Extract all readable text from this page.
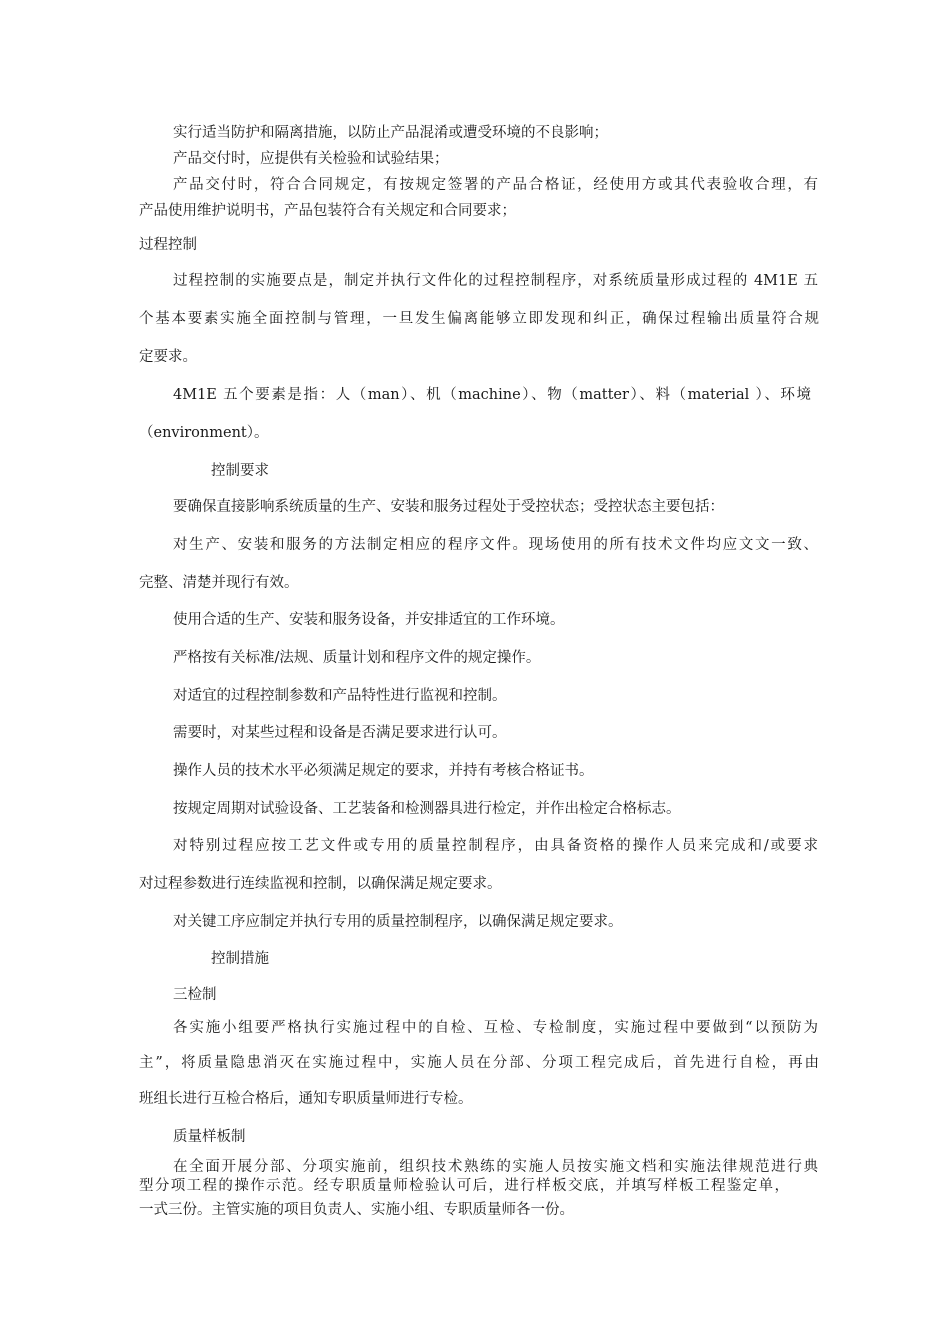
实行适当防护和隔离措施，以防止产品混淆或遭受环境的不良影响；
产品交付时，应提供有关检验和试验结果；
产品交付时，符合合同规定，有按规定签署的产品合格证，经使用方或其代表验收合理，有
产品使用维护说明书，产品包装符合有关规定和合同要求；
过程控制
过程控制的实施要点是，制定并执行文件化的过程控制程序，对系统质量形成过程的 4M1E 五
个基本要素实施全面控制与管理，一旦发生偏离能够立即发现和纠正，确保过程输出质量符合规
定要求。
4M1E 五个要素是指：人（man）、机（machine）、物（matter）、料（material ）、环境
（environment）。
控制要求
要确保直接影响系统质量的生产、安装和服务过程处于受控状态；受控状态主要包括：
对生产、安装和服务的方法制定相应的程序文件。现场使用的所有技术文件均应文文一致、
完整、清楚并现行有效。
使用合适的生产、安装和服务设备，并安排适宜的工作环境。
严格按有关标准/法规、质量计划和程序文件的规定操作。
对适宜的过程控制参数和产品特性进行监视和控制。
需要时，对某些过程和设备是否满足要求进行认可。
操作人员的技术水平必须满足规定的要求，并持有考核合格证书。
按规定周期对试验设备、工艺装备和检测器具进行检定，并作出检定合格标志。
对特别过程应按工艺文件或专用的质量控制程序，由具备资格的操作人员来完成和/或要求
对过程参数进行连续监视和控制，以确保满足规定要求。
对关键工序应制定并执行专用的质量控制程序，以确保满足规定要求。
控制措施
三检制
各实施小组要严格执行实施过程中的自检、互检、专检制度，实施过程中要做到“以预防为
主”，将质量隐患消灭在实施过程中，实施人员在分部、分项工程完成后，首先进行自检，再由
班组长进行互检合格后，通知专职质量师进行专检。
质量样板制
在全面开展分部、分项实施前，组织技术熟练的实施人员按实施文档和实施法律规范进行典
型分项工程的操作示范。经专职质量师检验认可后，进行样板交底，并填写样板工程鉴定单，
一式三份。主管实施的项目负责人、实施小组、专职质量师各一份。
